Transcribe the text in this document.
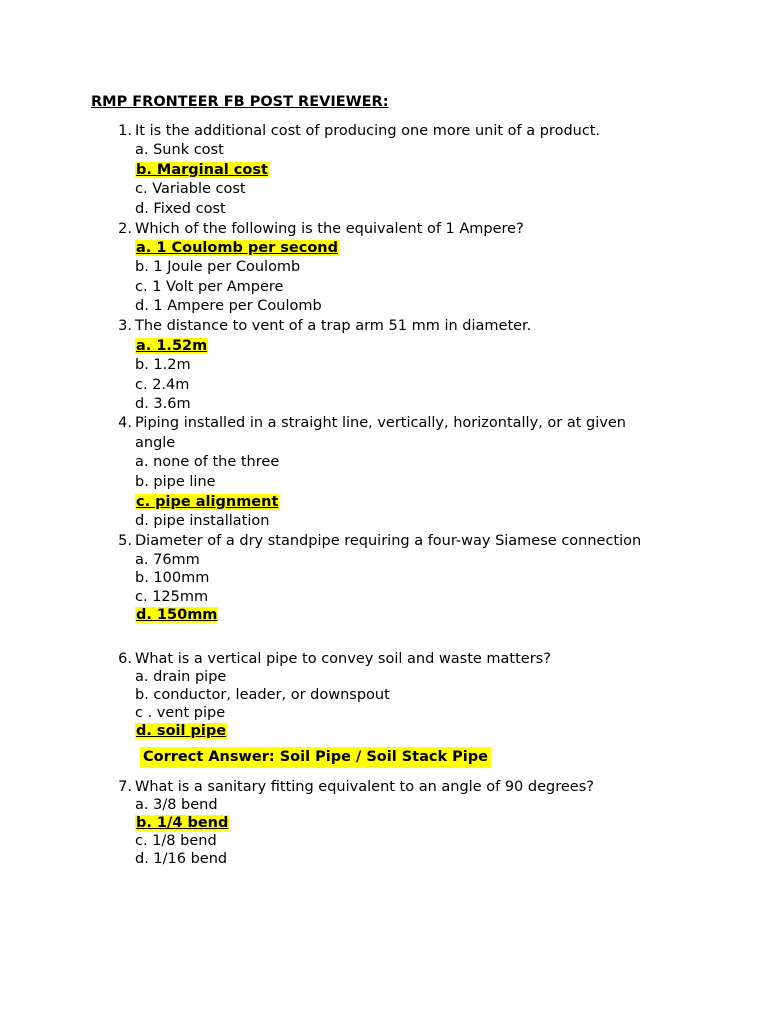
RMP FRONTEER FB POST REVIEWER:
1. It is the additional cost of producing one more unit of a product.
a. Sunk cost
b. Marginal cost
c. Variable cost
d. Fixed cost
2. Which of the following is the equivalent of 1 Ampere?
a. 1 Coulomb per second
b. 1 Joule per Coulomb
c. 1 Volt per Ampere
d. 1 Ampere per Coulomb
3. The distance to vent of a trap arm 51 mm in diameter.
a. 1.52m
b. 1.2m
c. 2.4m
d. 3.6m
4. Piping installed in a straight line, vertically, horizontally, or at given
angle
a. none of the three
b. pipe line
c. pipe alignment
d. pipe installation
5. Diameter of a dry standpipe requiring a four-way Siamese connection
a. 76mm
b. 100mm
c. 125mm
d. 150mm
6. What is a vertical pipe to convey soil and waste matters?
a. drain pipe
b. conductor, leader, or downspout
c . vent pipe
d. soil pipe
Correct Answer: Soil Pipe / Soil Stack Pipe
7. What is a sanitary fitting equivalent to an angle of 90 degrees?
a. 3/8 bend
b. 1/4 bend
c. 1/8 bend
d. 1/16 bend
